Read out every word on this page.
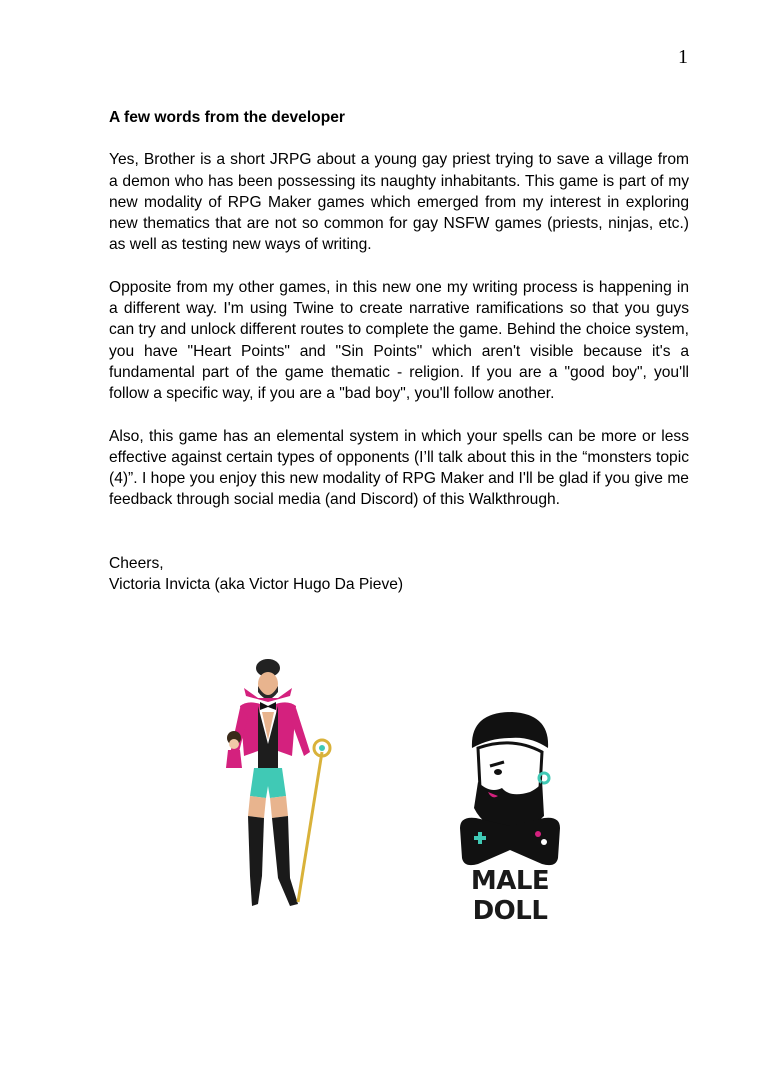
1
A few words from the developer

Yes, Brother is a short JRPG about a young gay priest trying to save a village from a demon who has been possessing its naughty inhabitants. This game is part of my new modality of RPG Maker games which emerged from my interest in exploring new thematics that are not so common for gay NSFW games (priests, ninjas, etc.) as well as testing new ways of writing.

Opposite from my other games, in this new one my writing process is happening in a different way. I'm using Twine to create narrative ramifications so that you guys can try and unlock different routes to complete the game. Behind the choice system, you have "Heart Points" and "Sin Points" which aren't visible because it's a fundamental part of the game thematic - religion. If you are a "good boy", you'll follow a specific way, if you are a "bad boy", you'll follow another.

Also, this game has an elemental system in which your spells can be more or less effective against certain types of opponents (I’ll talk about this in the “monsters topic (4)”. I hope you enjoy this new modality of RPG Maker and I'll be glad if you give me feedback through social media (and Discord) of this Walkthrough.

Cheers,
Victoria Invicta (aka Victor Hugo Da Pieve)
MALE DOLL
